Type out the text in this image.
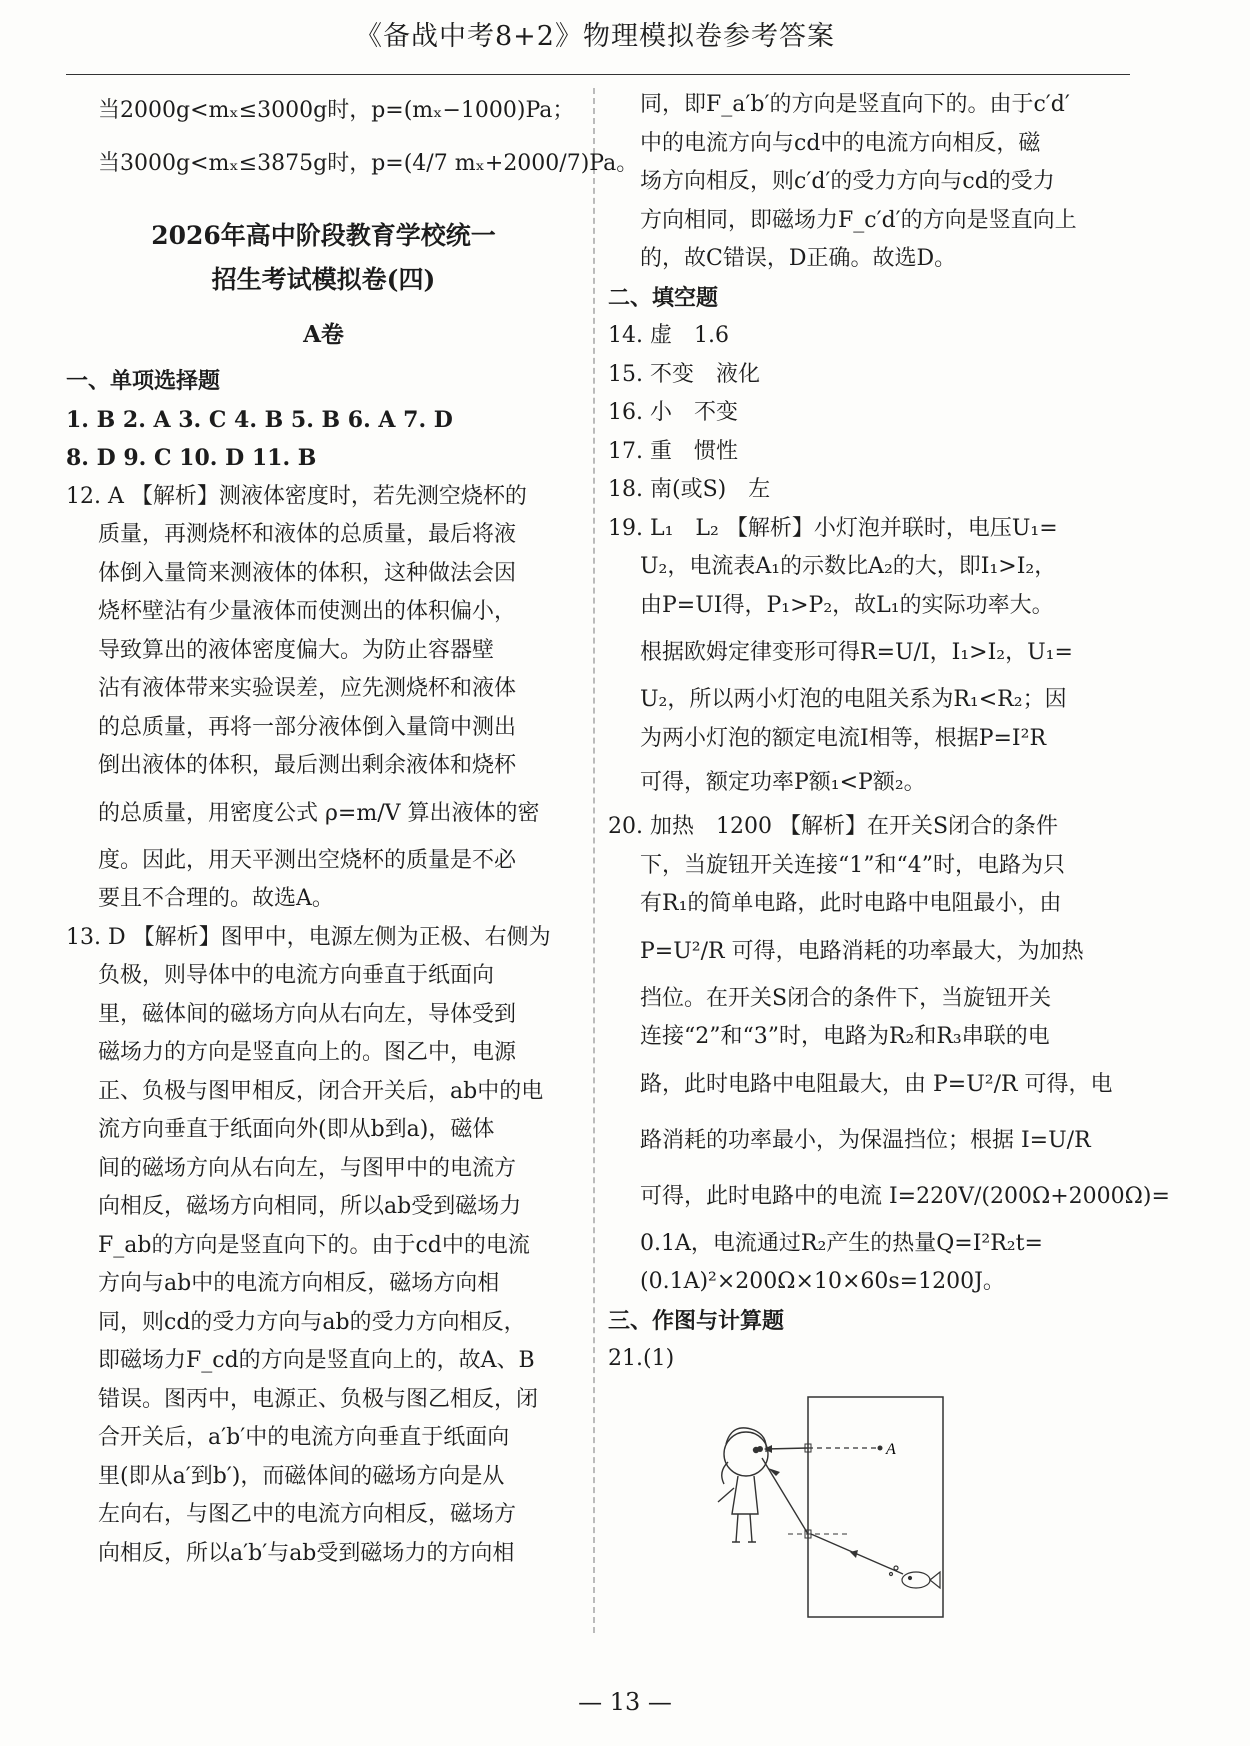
《备战中考8+2》物理模拟卷参考答案
当2000g<mₓ≤3000g时，p=(mₓ−1000)Pa；
当3000g<mₓ≤3875g时，p=(4/7 mₓ+2000/7)Pa。
2026年高中阶段教育学校统一
招生考试模拟卷(四)
A卷
一、单项选择题
1. B 2. A 3. C 4. B 5. B 6. A 7. D
8. D 9. C 10. D 11. B
12. A 【解析】测液体密度时，若先测空烧杯的
质量，再测烧杯和液体的总质量，最后将液
体倒入量筒来测液体的体积，这种做法会因
烧杯壁沾有少量液体而使测出的体积偏小，
导致算出的液体密度偏大。为防止容器壁
沾有液体带来实验误差，应先测烧杯和液体
的总质量，再将一部分液体倒入量筒中测出
倒出液体的体积，最后测出剩余液体和烧杯
的总质量，用密度公式 ρ=m/V 算出液体的密
度。因此，用天平测出空烧杯的质量是不必
要且不合理的。故选A。
13. D 【解析】图甲中，电源左侧为正极、右侧为
负极，则导体中的电流方向垂直于纸面向
里，磁体间的磁场方向从右向左，导体受到
磁场力的方向是竖直向上的。图乙中，电源
正、负极与图甲相反，闭合开关后，ab中的电
流方向垂直于纸面向外(即从b到a)，磁体
间的磁场方向从右向左，与图甲中的电流方
向相反，磁场方向相同，所以ab受到磁场力
F_ab的方向是竖直向下的。由于cd中的电流
方向与ab中的电流方向相反，磁场方向相
同，则cd的受力方向与ab的受力方向相反，
即磁场力F_cd的方向是竖直向上的，故A、B
错误。图丙中，电源正、负极与图乙相反，闭
合开关后，a′b′中的电流方向垂直于纸面向
里(即从a′到b′)，而磁体间的磁场方向是从
左向右，与图乙中的电流方向相反，磁场方
向相反，所以a′b′与ab受到磁场力的方向相
同，即F_a′b′的方向是竖直向下的。由于c′d′
中的电流方向与cd中的电流方向相反，磁
场方向相反，则c′d′的受力方向与cd的受力
方向相同，即磁场力F_c′d′的方向是竖直向上
的，故C错误，D正确。故选D。
二、填空题
14. 虚　1.6
15. 不变　液化
16. 小　不变
17. 重　惯性
18. 南(或S)　左
19. L₁　L₂ 【解析】小灯泡并联时，电压U₁=
U₂，电流表A₁的示数比A₂的大，即I₁>I₂，
由P=UI得，P₁>P₂，故L₁的实际功率大。
根据欧姆定律变形可得R=U/I，I₁>I₂，U₁=
U₂，所以两小灯泡的电阻关系为R₁<R₂；因
为两小灯泡的额定电流I相等，根据P=I²R
可得，额定功率P额₁<P额₂。
20. 加热　1200 【解析】在开关S闭合的条件
下，当旋钮开关连接“1”和“4”时，电路为只
有R₁的简单电路，此时电路中电阻最小，由
P=U²/R 可得，电路消耗的功率最大，为加热
挡位。在开关S闭合的条件下，当旋钮开关
连接“2”和“3”时，电路为R₂和R₃串联的电
路，此时电路中电阻最大，由 P=U²/R 可得，电
路消耗的功率最小，为保温挡位；根据 I=U/R
可得，此时电路中的电流 I=220V/(200Ω+2000Ω)=
0.1A，电流通过R₂产生的热量Q=I²R₂t=
(0.1A)²×200Ω×10×60s=1200J。
三、作图与计算题
21.(1)
A
— 13 —
